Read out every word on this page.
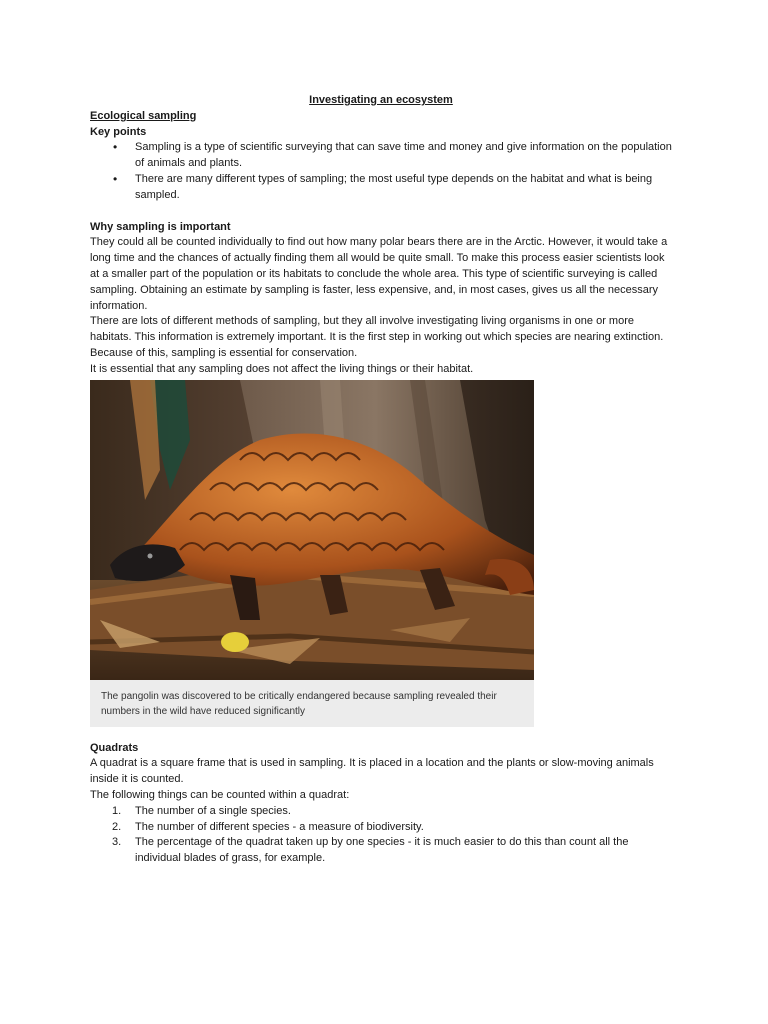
Investigating an ecosystem

Ecological sampling

Key points

• Sampling is a type of scientific surveying that can save time and money and give information on the population of animals and plants.
• There are many different types of sampling; the most useful type depends on the habitat and what is being sampled.

Why sampling is important

They could all be counted individually to find out how many polar bears there are in the Arctic. However, it would take a long time and the chances of actually finding them all would be quite small. To make this process easier scientists look at a smaller part of the population or its habitats to conclude the whole area. This type of scientific surveying is called sampling. Obtaining an estimate by sampling is faster, less expensive, and, in most cases, gives us all the necessary information.

There are lots of different methods of sampling, but they all involve investigating living organisms in one or more habitats. This information is extremely important. It is the first step in working out which species are nearing extinction. Because of this, sampling is essential for conservation.

It is essential that any sampling does not affect the living things or their habitat.

The pangolin was discovered to be critically endangered because sampling revealed their numbers in the wild have reduced significantly

Quadrats

A quadrat is a square frame that is used in sampling. It is placed in a location and the plants or slow-moving animals inside it is counted.

The following things can be counted within a quadrat:

1. The number of a single species.
2. The number of different species - a measure of biodiversity.
3. The percentage of the quadrat taken up by one species - it is much easier to do this than count all the individual blades of grass, for example.
